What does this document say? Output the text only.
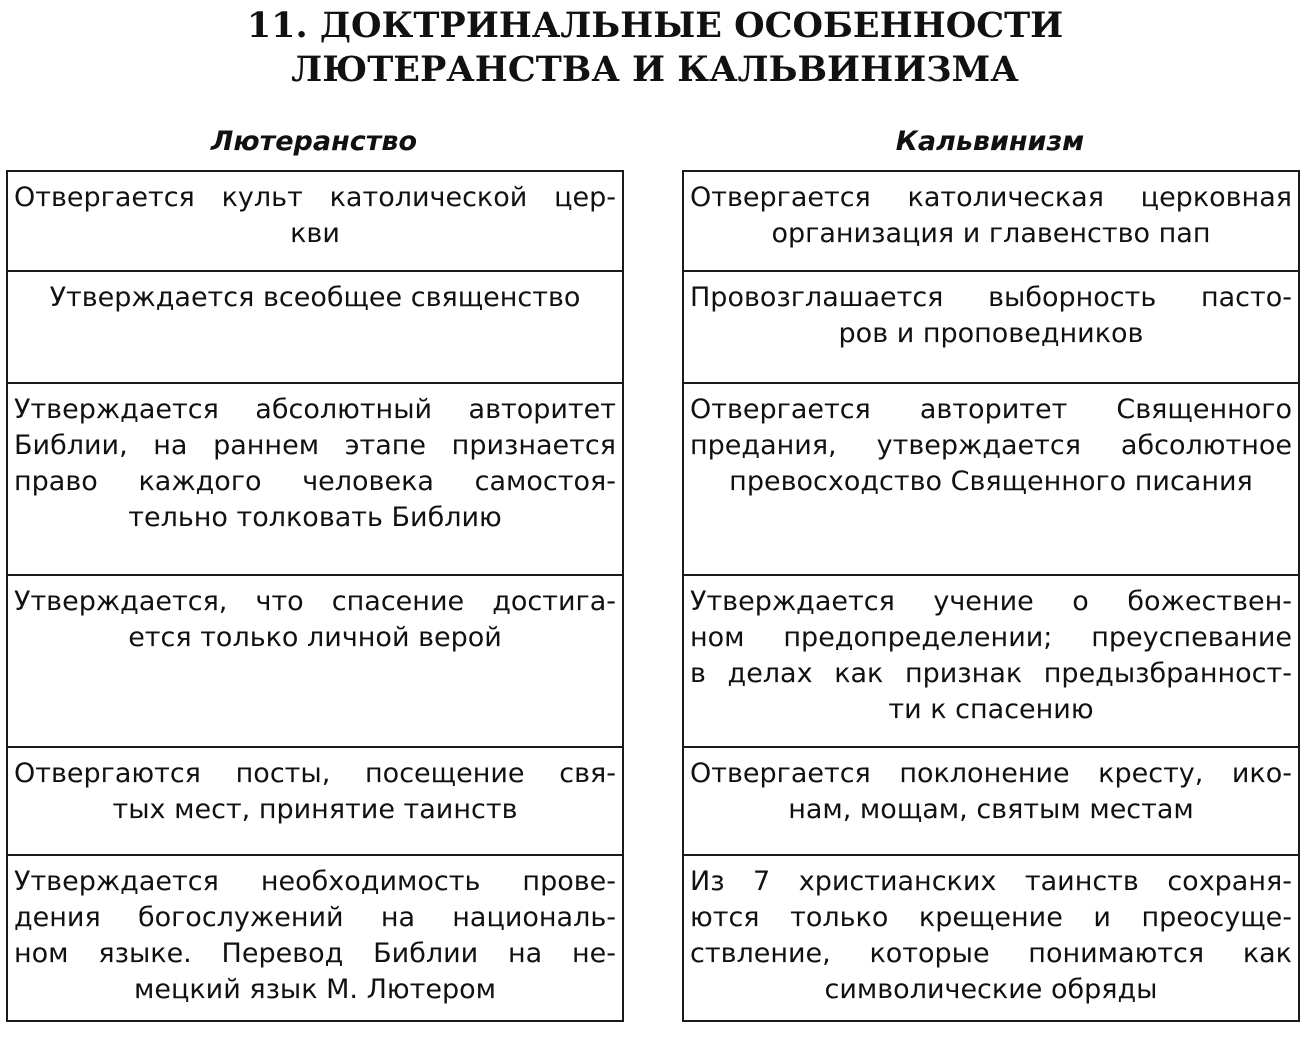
11. ДОКТРИНАЛЬНЫЕ ОСОБЕННОСТИ
ЛЮТЕРАНСТВА И КАЛЬВИНИЗМА
Лютеранство	Кальвинизм
Отвергается культ католической цер-
кви
Утверждается всеобщее священство
Утверждается абсолютный авторитет
Библии, на раннем этапе признается
право каждого человека самостоя-
тельно толковать Библию
Утверждается, что спасение достига-
ется только личной верой
Отвергаются посты, посещение свя-
тых мест, принятие таинств
Утверждается необходимость прове-
дения богослужений на националь-
ном языке. Перевод Библии на не-
мецкий язык М. Лютером
Отвергается католическая церковная
организация и главенство пап
Провозглашается выборность пасто-
ров и проповедников
Отвергается авторитет Священного
предания, утверждается абсолютное
превосходство Священного писания
Утверждается учение о божествен-
ном предопределении; преуспевание
в делах как признак предызбранност-
ти к спасению
Отвергается поклонение кресту, ико-
нам, мощам, святым местам
Из 7 христианских таинств сохраня-
ются только крещение и преосуще-
ствление, которые понимаются как
символические обряды
